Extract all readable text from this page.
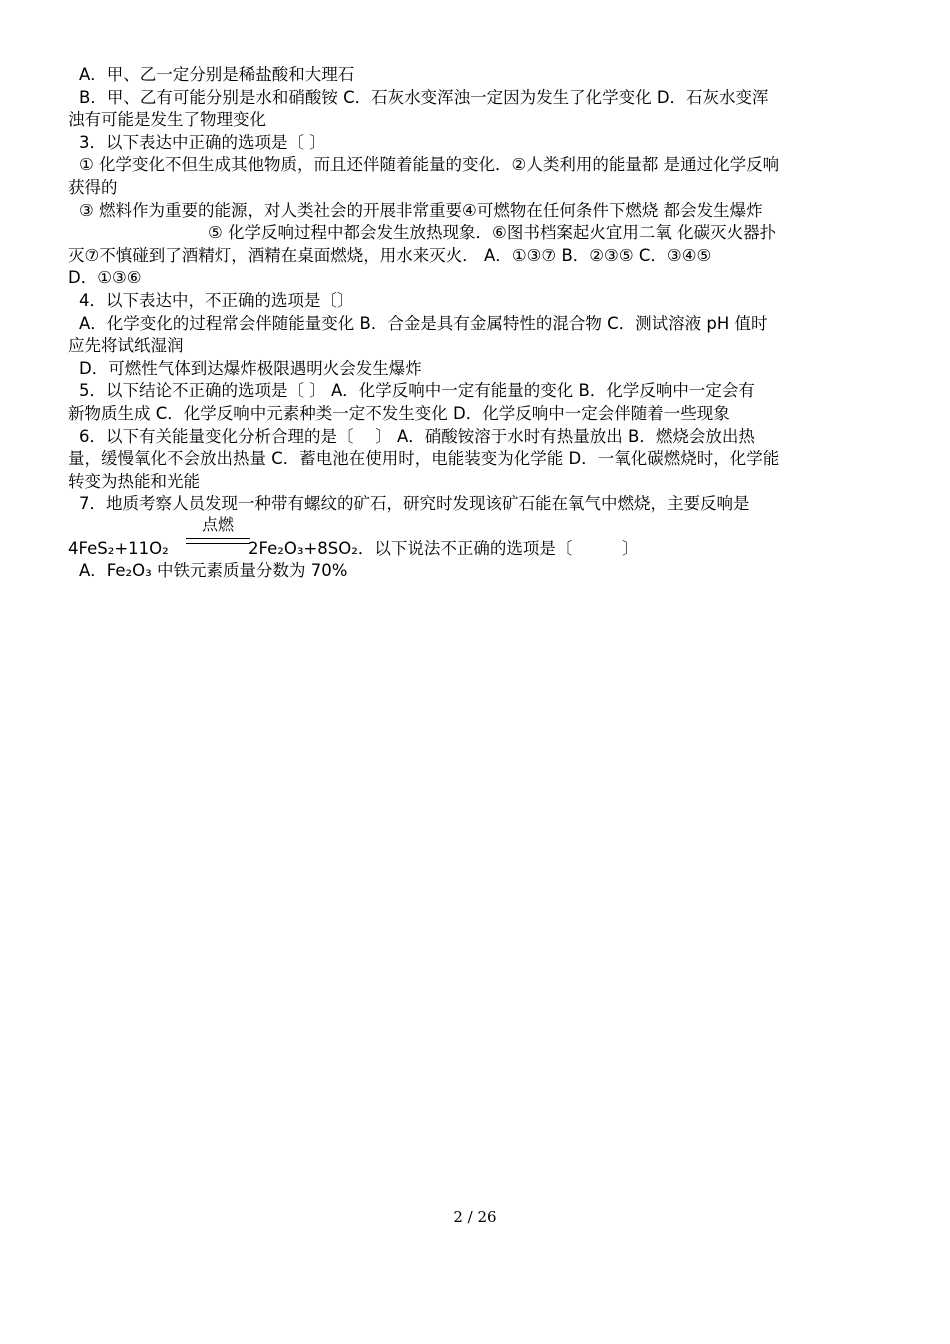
A．甲、乙一定分别是稀盐酸和大理石
B．甲、乙有可能分别是水和硝酸铵 C．石灰水变浑浊一定因为发生了化学变化 D．石灰水变浑
浊有可能是发生了物理变化
3．以下表达中正确的选项是〔 〕
① 化学变化不但生成其他物质，而且还伴随着能量的变化．②人类利用的能量都 是通过化学反响
获得的
③ 燃料作为重要的能源，对人类社会的开展非常重要④可燃物在任何条件下燃烧 都会发生爆炸
⑤ 化学反响过程中都会发生放热现象．⑥图书档案起火宜用二氧 化碳灭火器扑
灭⑦不慎碰到了酒精灯，酒精在桌面燃烧，用水来灭火． A．①③⑦ B．②③⑤ C．③④⑤
D．①③⑥
4．以下表达中，不正确的选项是〔〕
A．化学变化的过程常会伴随能量变化 B．合金是具有金属特性的混合物 C．测试溶液 pH 值时
应先将试纸湿润
D．可燃性气体到达爆炸极限遇明火会发生爆炸
5．以下结论不正确的选项是〔 〕 A．化学反响中一定有能量的变化 B．化学反响中一定会有
新物质生成 C．化学反响中元素种类一定不发生变化 D．化学反响中一定会伴随着一些现象
6．以下有关能量变化分析合理的是〔　 〕 A．硝酸铵溶于水时有热量放出 B．燃烧会放出热
量，缓慢氧化不会放出热量 C．蓄电池在使用时，电能装变为化学能 D．一氧化碳燃烧时，化学能
转变为热能和光能
7．地质考察人员发现一种带有螺纹的矿石，研究时发现该矿石能在氧气中燃烧，主要反响是
点燃
4FeS₂+11O₂	2Fe₂O₃+8SO₂．以下说法不正确的选项是〔　　　〕
A．Fe₂O₃ 中铁元素质量分数为 70%
2 / 26
